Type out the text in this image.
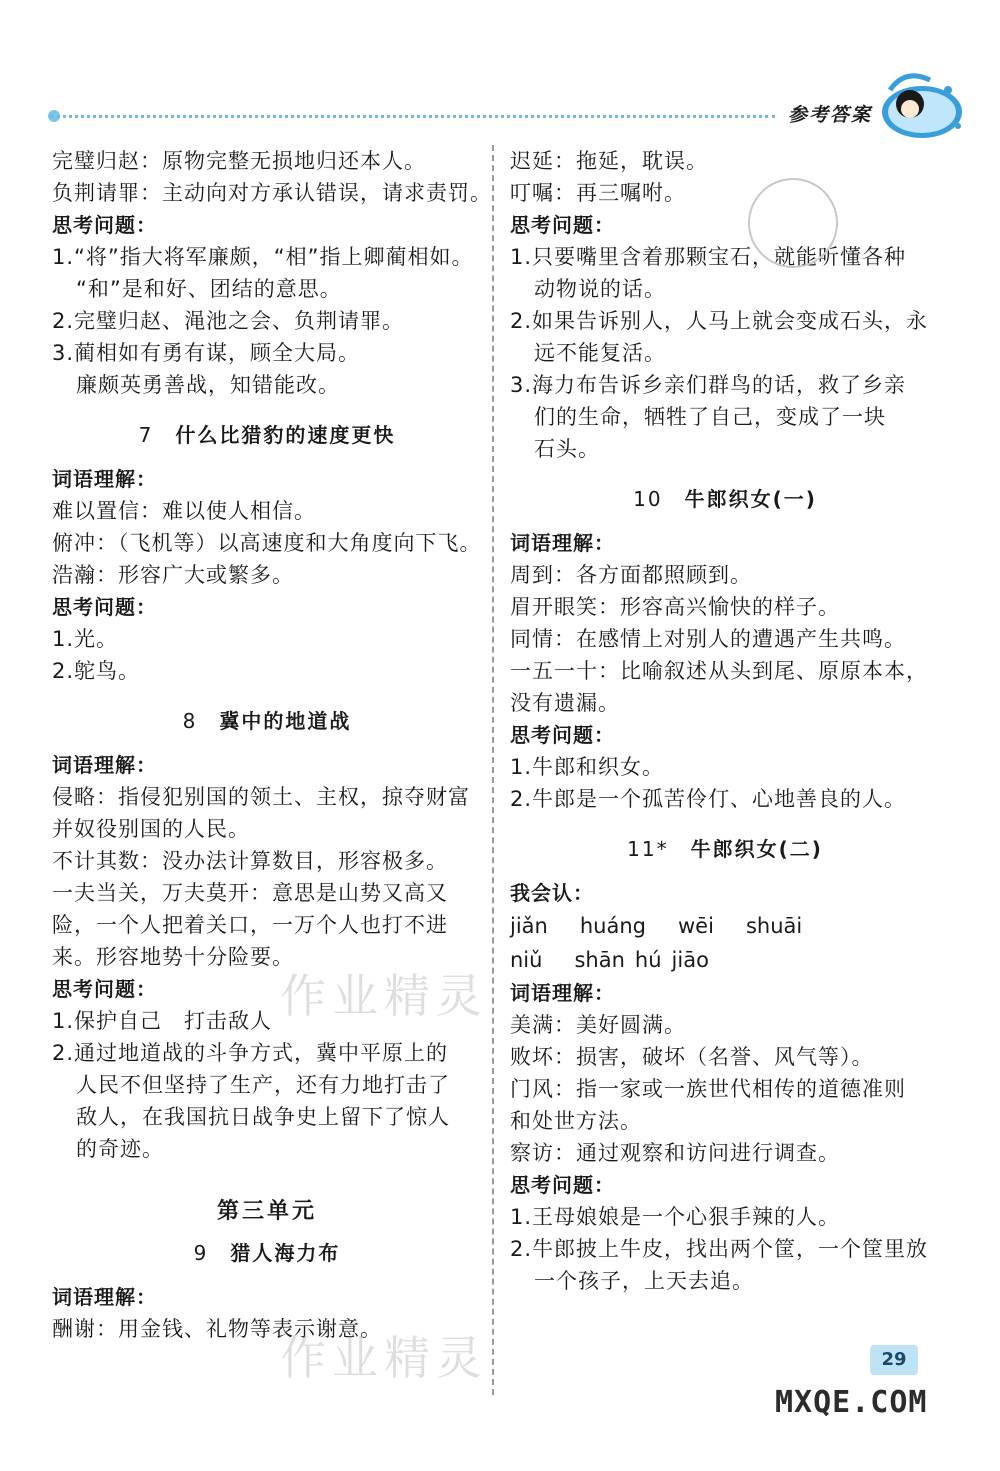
参考答案
完璧归赵：原物完整无损地归还本人。
负荆请罪：主动向对方承认错误，请求责罚。
思考问题：
1.“将”指大将军廉颇，“相”指上卿蔺相如。
“和”是和好、团结的意思。
2.完璧归赵、渑池之会、负荆请罪。
3.蔺相如有勇有谋，顾全大局。
廉颇英勇善战，知错能改。
7 什么比猎豹的速度更快
词语理解：
难以置信：难以使人相信。
俯冲：（飞机等）以高速度和大角度向下飞。
浩瀚：形容广大或繁多。
思考问题：
1.光。
2.鸵鸟。
8 冀中的地道战
词语理解：
侵略：指侵犯别国的领土、主权，掠夺财富
并奴役别国的人民。
不计其数：没办法计算数目，形容极多。
一夫当关，万夫莫开：意思是山势又高又
险，一个人把着关口，一万个人也打不进
来。形容地势十分险要。
思考问题：
1.保护自己　打击敌人
2.通过地道战的斗争方式，冀中平原上的
人民不但坚持了生产，还有力地打击了
敌人，在我国抗日战争史上留下了惊人
的奇迹。
第三单元
9 猎人海力布
词语理解：
酬谢：用金钱、礼物等表示谢意。
迟延：拖延，耽误。
叮嘱：再三嘱咐。
思考问题：
1.只要嘴里含着那颗宝石，就能听懂各种
动物说的话。
2.如果告诉别人，人马上就会变成石头，永
远不能复活。
3.海力布告诉乡亲们群鸟的话，救了乡亲
们的生命，牺牲了自己，变成了一块
石头。
10 牛郎织女(一)
词语理解：
周到：各方面都照顾到。
眉开眼笑：形容高兴愉快的样子。
同情：在感情上对别人的遭遇产生共鸣。
一五一十：比喻叙述从头到尾、原原本本，
没有遗漏。
思考问题：
1.牛郎和织女。
2.牛郎是一个孤苦伶仃、心地善良的人。
11* 牛郎织女(二)
我会认：
jiǎn huáng wēi shuāi
niǔ shān hú jiāo
词语理解：
美满：美好圆满。
败坏：损害，破坏（名誉、风气等）。
门风：指一家或一族世代相传的道德准则
和处世方法。
察访：通过观察和访问进行调查。
思考问题：
1.王母娘娘是一个心狠手辣的人。
2.牛郎披上牛皮，找出两个筐，一个筐里放
一个孩子，上天去追。
作业精灵
作业精灵	29
MXQE.COM
